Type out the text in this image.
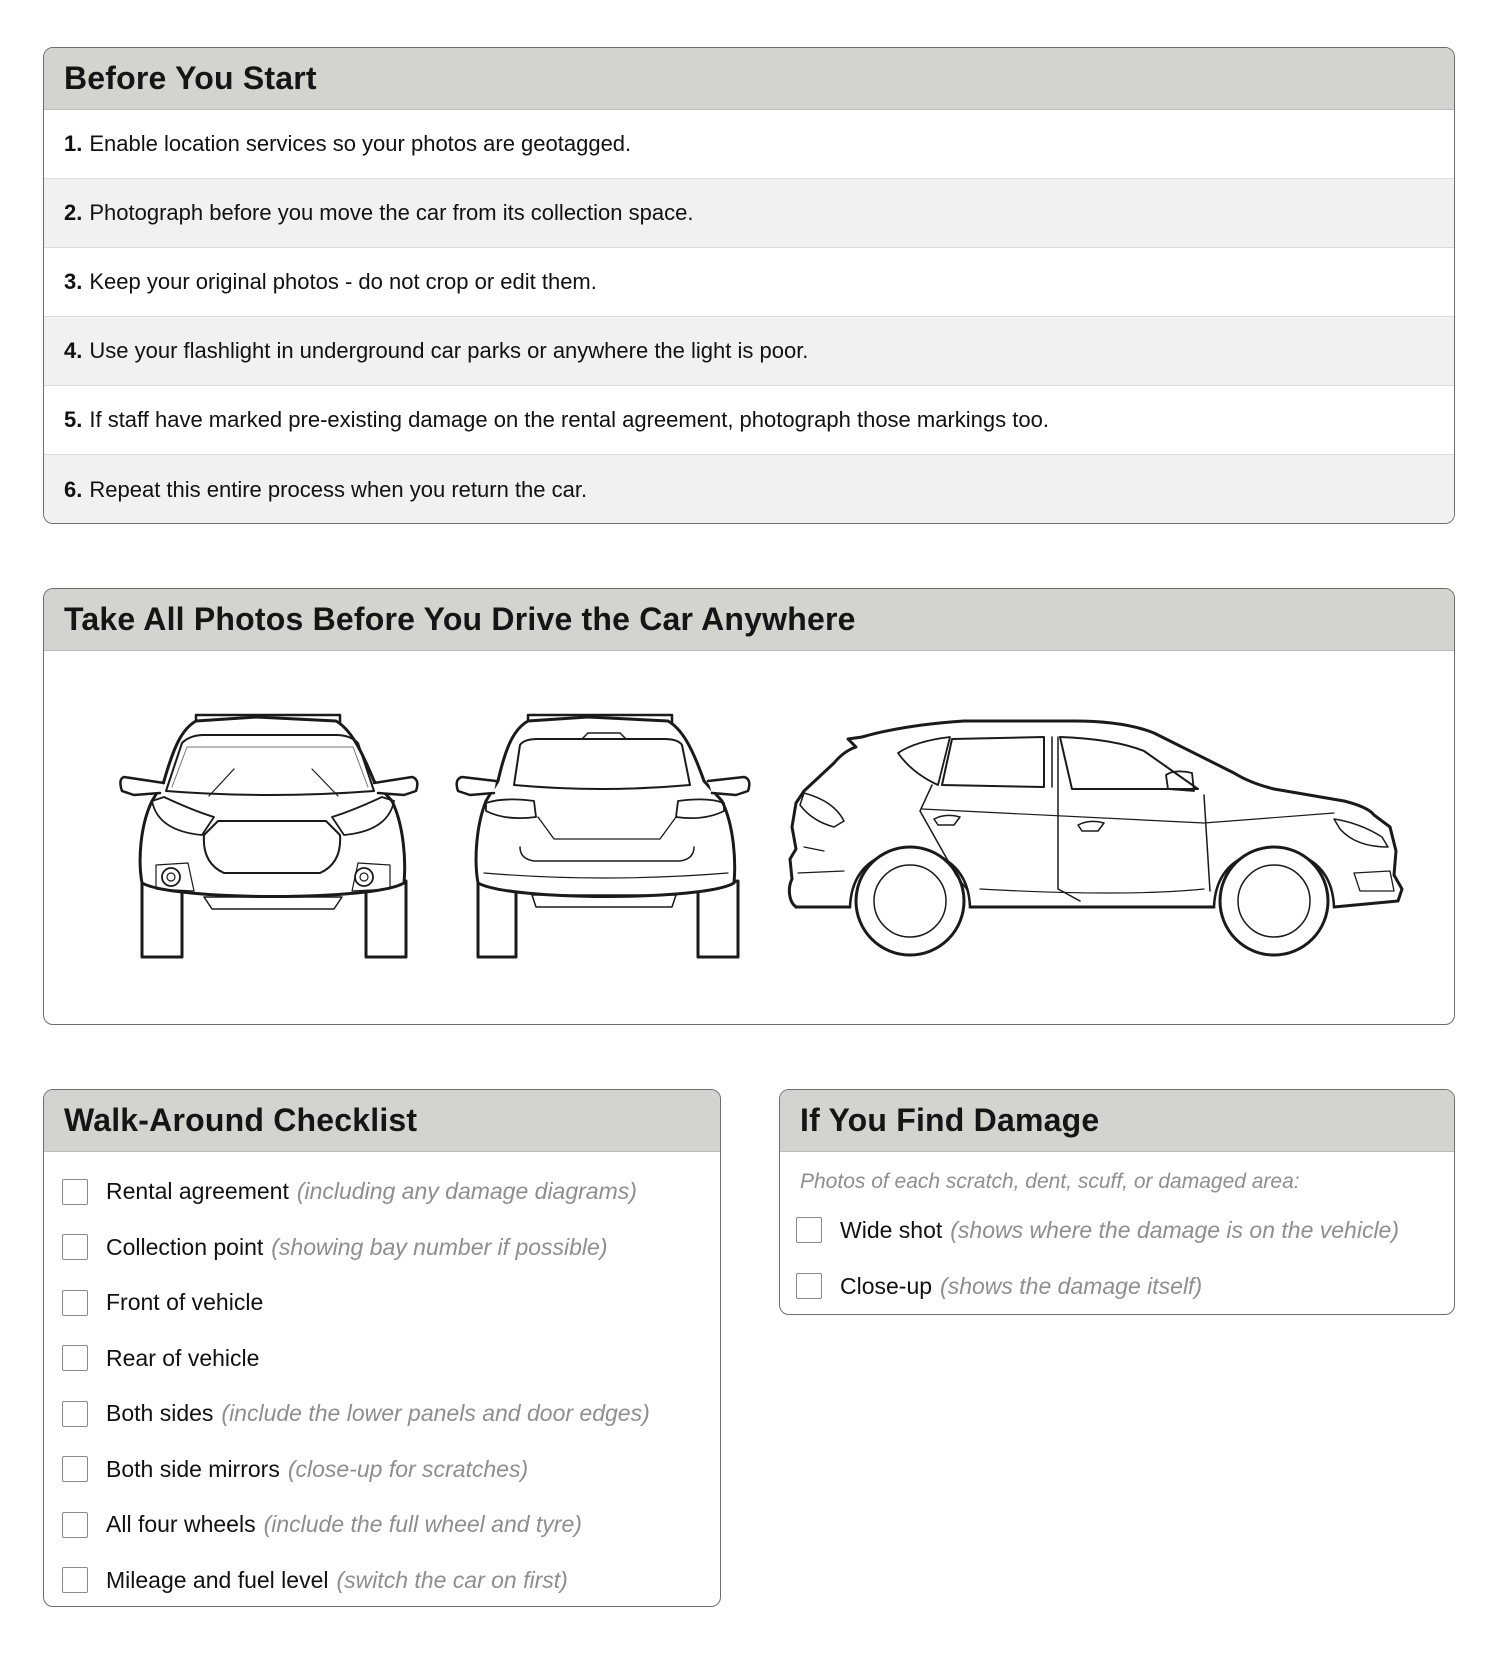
Before You Start
1. Enable location services so your photos are geotagged.
2. Photograph before you move the car from its collection space.
3. Keep your original photos - do not crop or edit them.
4. Use your flashlight in underground car parks or anywhere the light is poor.
5. If staff have marked pre-existing damage on the rental agreement, photograph those markings too.
6. Repeat this entire process when you return the car.
Take All Photos Before You Drive the Car Anywhere
Walk-Around Checklist
Rental agreement (including any damage diagrams)
Collection point (showing bay number if possible)
Front of vehicle
Rear of vehicle
Both sides (include the lower panels and door edges)
Both side mirrors (close-up for scratches)
All four wheels (include the full wheel and tyre)
Mileage and fuel level (switch the car on first)
If You Find Damage
Photos of each scratch, dent, scuff, or damaged area:
Wide shot (shows where the damage is on the vehicle)
Close-up (shows the damage itself)
